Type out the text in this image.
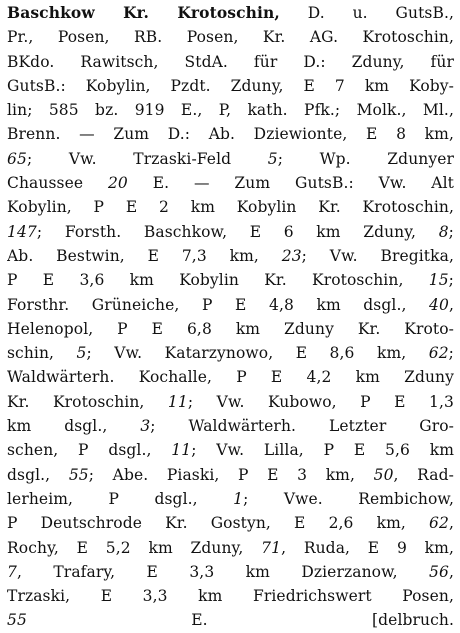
Baschkow Kr. Krotoschin, D. u. GutsB.,
Pr., Posen, RB. Posen, Kr. AG. Krotoschin,
BKdo. Rawitsch, StdA. für D.: Zduny, für
GutsB.: Kobylin, Pzdt. Zduny, E 7 km Koby-
lin; 585 bz. 919 E., P, kath. Pfk.; Molk., Ml.,
Brenn. — Zum D.: Ab. Dziewionte, E 8 km,
65; Vw. Trzaski-Feld 5; Wp. Zdunyer
Chaussee 20 E. — Zum GutsB.: Vw. Alt
Kobylin, P E 2 km Kobylin Kr. Krotoschin,
147; Forsth. Baschkow, E 6 km Zduny, 8;
Ab. Bestwin, E 7,3 km, 23; Vw. Bregitka,
P E 3,6 km Kobylin Kr. Krotoschin, 15;
Forsthr. Grüneiche, P E 4,8 km dsgl., 40,
Helenopol, P E 6,8 km Zduny Kr. Kroto-
schin, 5; Vw. Katarzynowo, E 8,6 km, 62;
Waldwärterh. Kochalle, P E 4,2 km Zduny
Kr. Krotoschin, 11; Vw. Kubowo, P E 1,3
km dsgl., 3; Waldwärterh. Letzter Gro-
schen, P dsgl., 11; Vw. Lilla, P E 5,6 km
dsgl., 55; Abe. Piaski, P E 3 km, 50, Rad-
lerheim, P dsgl., 1; Vwe. Rembichow,
P Deutschrode Kr. Gostyn, E 2,6 km, 62,
Rochy, E 5,2 km Zduny, 71, Ruda, E 9 km,
7, Trafary, E 3,3 km Dzierzanow, 56,
Trzaski, E 3,3 km Friedrichswert Posen,
55 E. [delbruch.
